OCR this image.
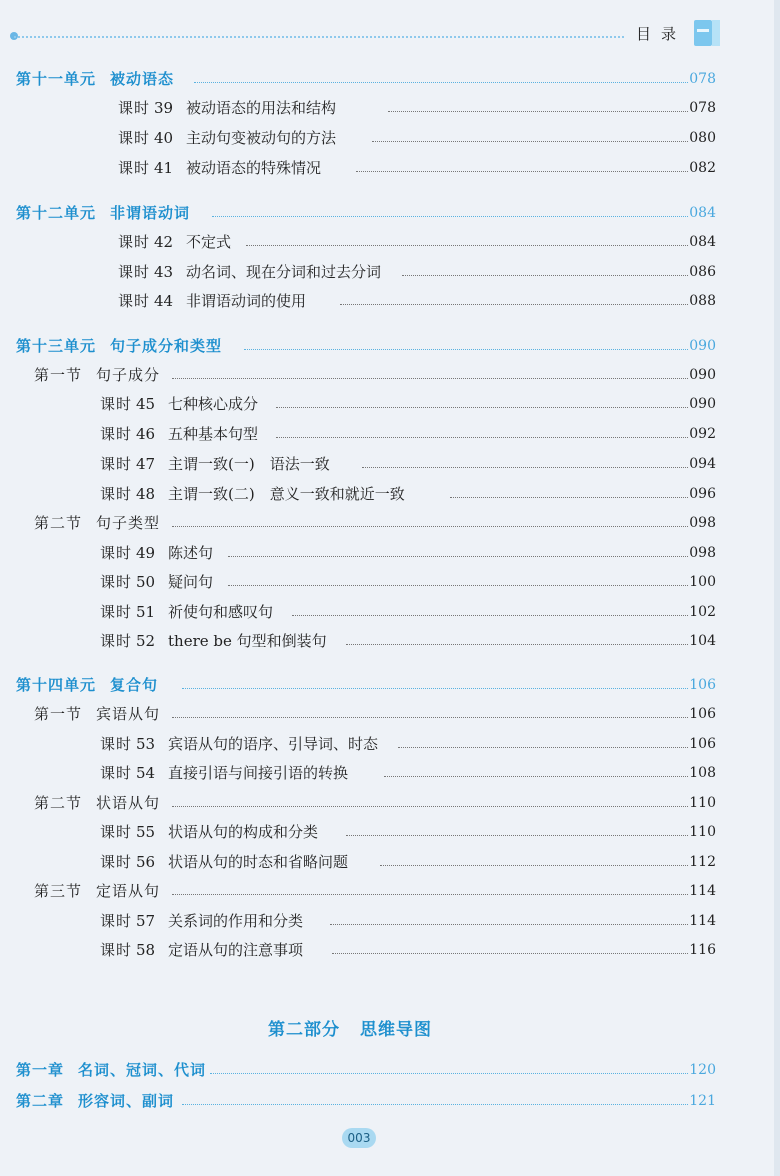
目录
第十一单元 被动语态	078
课时 39 被动语态的用法和结构	078
课时 40 主动句变被动句的方法	080
课时 41 被动语态的特殊情况	082
第十二单元 非谓语动词	084
课时 42 不定式	084
课时 43 动名词、现在分词和过去分词	086
课时 44 非谓语动词的使用	088
第十三单元 句子成分和类型	090
第一节 句子成分	090
课时 45 七种核心成分	090
课时 46 五种基本句型	092
课时 47 主谓一致(一)　语法一致	094
课时 48 主谓一致(二)　意义一致和就近一致	096
第二节 句子类型	098
课时 49 陈述句	098
课时 50 疑问句	100
课时 51 祈使句和感叹句	102
课时 52 there be 句型和倒装句	104
第十四单元 复合句	106
第一节 宾语从句	106
课时 53 宾语从句的语序、引导词、时态	106
课时 54 直接引语与间接引语的转换	108
第二节 状语从句	110
课时 55 状语从句的构成和分类	110
课时 56 状语从句的时态和省略问题	112
第三节 定语从句	114
课时 57 关系词的作用和分类	114
课时 58 定语从句的注意事项	116
第二部分 思维导图
第一章 名词、冠词、代词	120
第二章 形容词、副词	121
003
